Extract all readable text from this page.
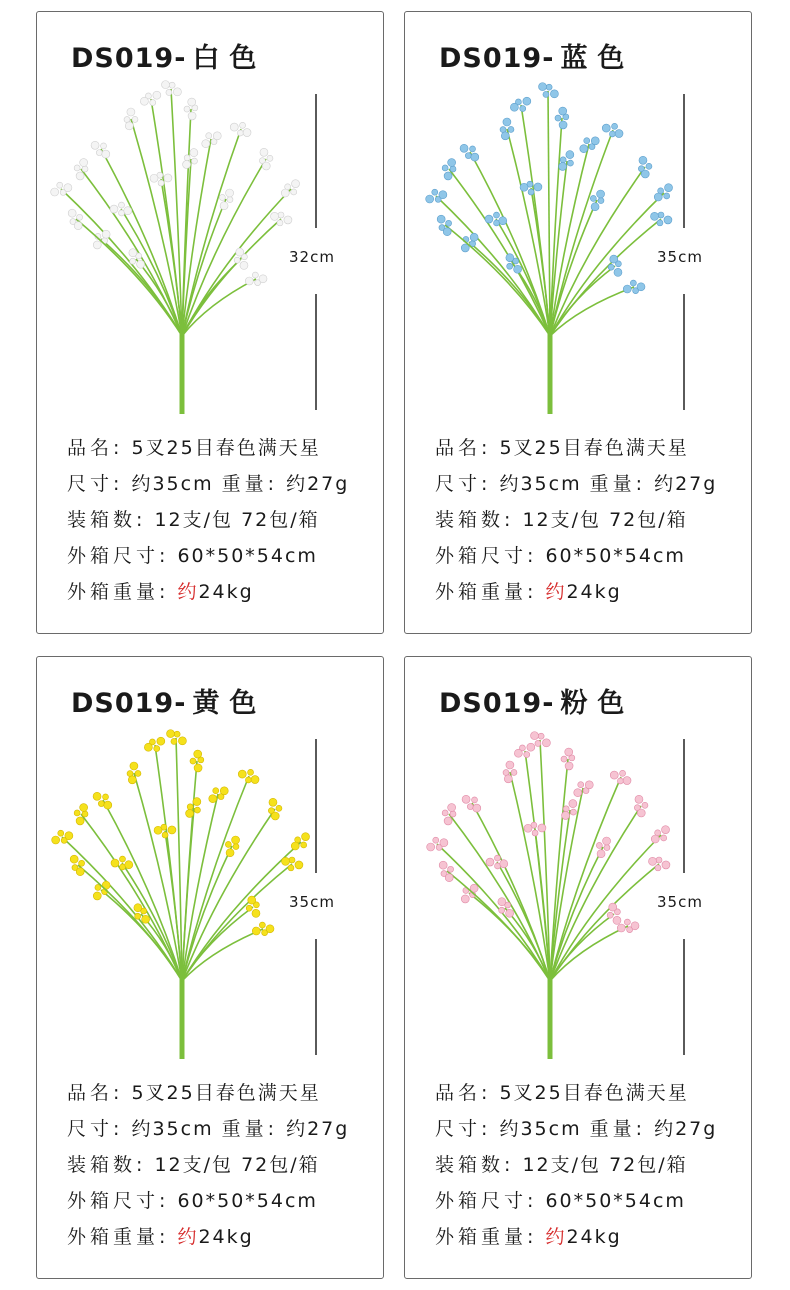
DS019- 白色
32cm
品名: 5叉25目春色满天星
尺寸: 约35cm 重量: 约27g
装箱数: 12支/包 72包/箱
外箱尺寸: 60*50*54cm
外箱重量: 约24kg
DS019- 蓝色
35cm
品名: 5叉25目春色满天星
尺寸: 约35cm 重量: 约27g
装箱数: 12支/包 72包/箱
外箱尺寸: 60*50*54cm
外箱重量: 约24kg
DS019- 黄色
35cm
品名: 5叉25目春色满天星
尺寸: 约35cm 重量: 约27g
装箱数: 12支/包 72包/箱
外箱尺寸: 60*50*54cm
外箱重量: 约24kg
DS019- 粉色
35cm
品名: 5叉25目春色满天星
尺寸: 约35cm 重量: 约27g
装箱数: 12支/包 72包/箱
外箱尺寸: 60*50*54cm
外箱重量: 约24kg
